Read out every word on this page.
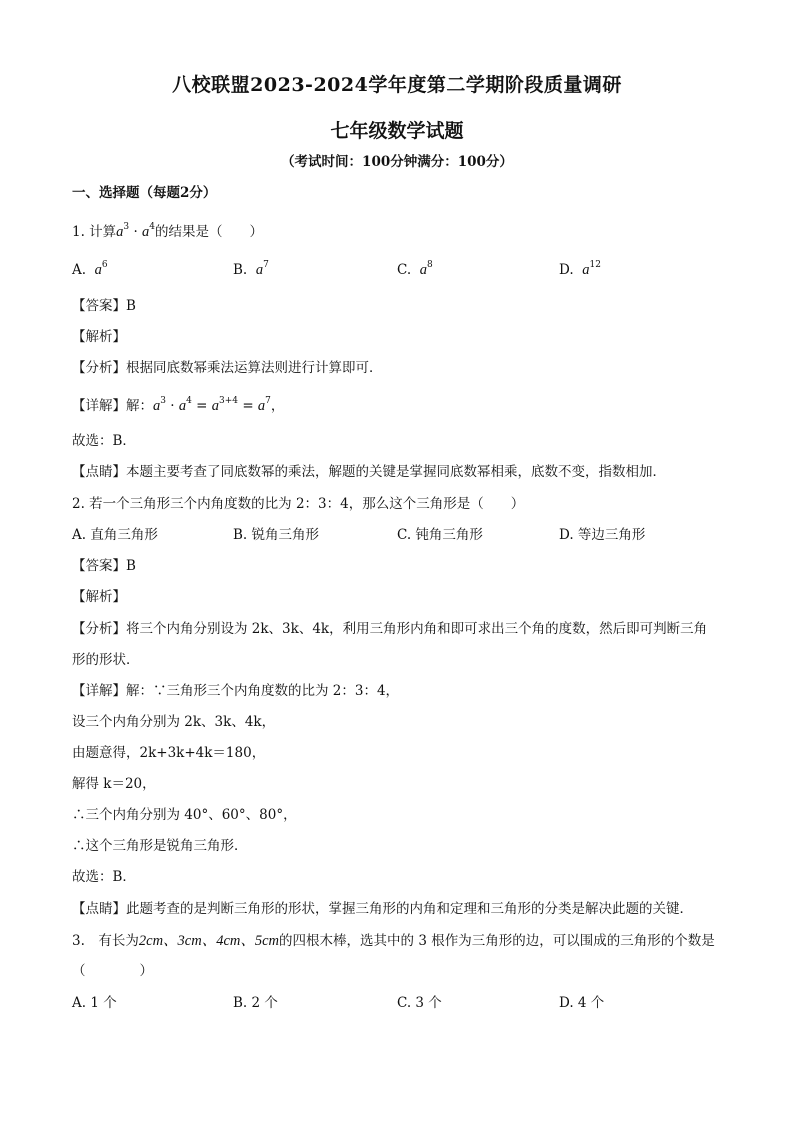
八校联盟2023-2024学年度第二学期阶段质量调研
七年级数学试题
（考试时间：100分钟满分：100分）
一、选择题（每题2分）
1. 计算$a^3 \cdot a^4$的结果是（　　）
A. $a^6$	B. $a^7$	C. $a^8$	D. $a^{12}$
【答案】B
【解析】
【分析】根据同底数幂乘法运算法则进行计算即可．
【详解】解：$a^3 \cdot a^4 = a^{3+4} = a^7$，
故选：B．
【点睛】本题主要考查了同底数幂的乘法，解题的关键是掌握同底数幂相乘，底数不变，指数相加．
2. 若一个三角形三个内角度数的比为 2：3：4，那么这个三角形是（　　）
A. 直角三角形	B. 锐角三角形	C. 钝角三角形	D. 等边三角形
【答案】B
【解析】
【分析】将三个内角分别设为 2k、3k、4k，利用三角形内角和即可求出三个角的度数，然后即可判断三角
形的形状．
【详解】解：∵三角形三个内角度数的比为 2：3：4，
设三个内角分别为 2k、3k、4k，
由题意得，2k+3k+4k＝180，
解得 k＝20，
∴三个内角分别为 40°、60°、80°，
∴这个三角形是锐角三角形．
故选：B．
【点睛】此题考查的是判断三角形的形状，掌握三角形的内角和定理和三角形的分类是解决此题的关键．
3.　有长为2cm、3cm、4cm、5cm的四根木棒，选其中的 3 根作为三角形的边，可以围成的三角形的个数是
（　　　　）
A. 1 个	B. 2 个	C. 3 个	D. 4 个
